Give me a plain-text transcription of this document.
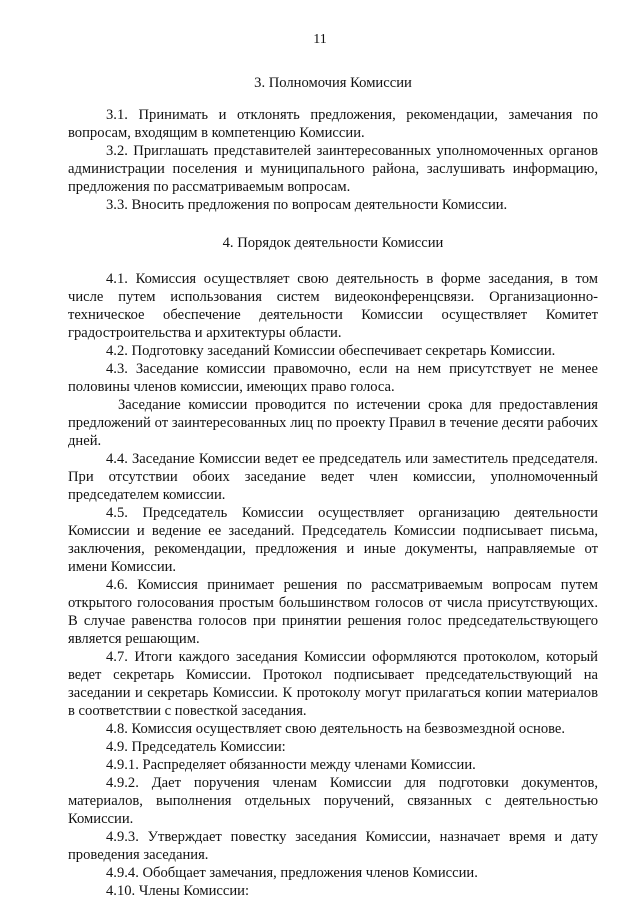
11
3. Полномочия Комиссии

3.1. Принимать и отклонять предложения, рекомендации, замечания по вопросам, входящим в компетенцию Комиссии.

3.2. Приглашать представителей заинтересованных уполномоченных органов администрации поселения и муниципального района, заслушивать информацию, предложения по рассматриваемым вопросам.

3.3. Вносить предложения по вопросам деятельности Комиссии.

4. Порядок деятельности Комиссии

4.1. Комиссия осуществляет свою деятельность в форме заседания, в том числе путем использования систем видеоконференцсвязи. Организационно-техническое обеспечение деятельности Комиссии осуществляет Комитет градостроительства и архитектуры области.

4.2. Подготовку заседаний Комиссии обеспечивает секретарь Комиссии.

4.3. Заседание комиссии правомочно, если на нем присутствует не менее половины членов комиссии, имеющих право голоса.

Заседание комиссии проводится по истечении срока для предоставления предложений от заинтересованных лиц по проекту Правил в течение десяти рабочих дней.

4.4. Заседание Комиссии ведет ее председатель или заместитель председателя. При отсутствии обоих заседание ведет член комиссии, уполномоченный председателем комиссии.

4.5. Председатель Комиссии осуществляет организацию деятельности Комиссии и ведение ее заседаний. Председатель Комиссии подписывает письма, заключения, рекомендации, предложения и иные документы, направляемые от имени Комиссии.

4.6. Комиссия принимает решения по рассматриваемым вопросам путем открытого голосования простым большинством голосов от числа присутствующих. В случае равенства голосов при принятии решения голос председательствующего является решающим.

4.7. Итоги каждого заседания Комиссии оформляются протоколом, который ведет секретарь Комиссии. Протокол подписывает председательствующий на заседании и секретарь Комиссии. К протоколу могут прилагаться копии материалов в соответствии с повесткой заседания.

4.8. Комиссия осуществляет свою деятельность на безвозмездной основе.

4.9. Председатель Комиссии:

4.9.1. Распределяет обязанности между членами Комиссии.

4.9.2. Дает поручения членам Комиссии для подготовки документов, материалов, выполнения отдельных поручений, связанных с деятельностью Комиссии.

4.9.3. Утверждает повестку заседания Комиссии, назначает время и дату проведения заседания.

4.9.4. Обобщает замечания, предложения членов Комиссии.

4.10. Члены Комиссии:
